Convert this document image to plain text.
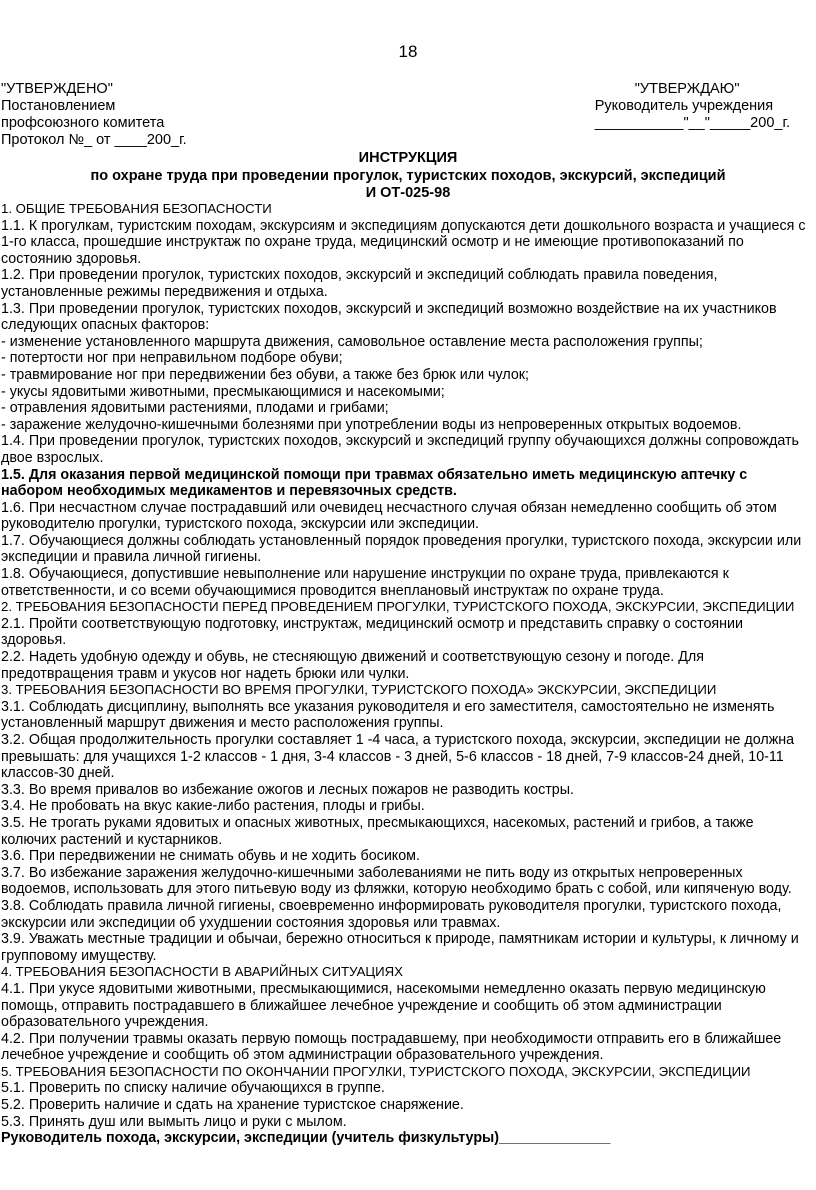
18
"УТВЕРЖДЕНО"
Постановлением
профсоюзного комитета
Протокол №_ от ____200_г.
"УТВЕРЖДАЮ"
Руководитель учреждения
___________"__"_____200_г.
ИНСТРУКЦИЯ
по охране труда при проведении прогулок, туристских походов, экскурсий, экспедиций
И ОТ-025-98

1. ОБЩИЕ ТРЕБОВАНИЯ БЕЗОПАСНОСТИ

1.1. К прогулкам, туристским походам, экскурсиям и экспедициям допускаются дети дошкольного возраста и учащиеся с 1-го класса, прошедшие инструктаж по охране труда, медицинский осмотр и не имеющие противопоказаний по состоянию здоровья.

1.2. При проведении прогулок, туристских походов, экскурсий и экспедиций соблюдать правила поведения, установленные режимы передвижения и отдыха.

1.3. При проведении прогулок, туристских походов, экскурсий и экспедиций возможно воздействие на их участников следующих опасных факторов:

- изменение установленного маршрута движения, самовольное оставление места расположения группы;

- потертости ног при неправильном подборе обуви;

- травмирование ног при передвижении без обуви, а также без брюк или чулок;

- укусы ядовитыми животными, пресмыкающимися и насекомыми;

- отравления ядовитыми растениями, плодами и грибами;

- заражение желудочно-кишечными болезнями при употреблении воды из непроверенных открытых водоемов.

1.4. При проведении прогулок, туристских походов, экскурсий и экспедиций группу обучающихся должны сопровождать двое взрослых.

1.5. Для оказания первой медицинской помощи при травмах обязательно иметь медицинскую аптечку с набором необходимых медикаментов и перевязочных средств.

1.6. При несчастном случае пострадавший или очевидец несчастного случая обязан немедленно сообщить об этом руководителю прогулки, туристского похода, экскурсии или экспедиции.

1.7. Обучающиеся должны соблюдать установленный порядок проведения прогулки, туристского похода, экскурсии или экспедиции и правила личной гигиены.

1.8. Обучающиеся, допустившие невыполнение или нарушение инструкции по охране труда, привлекаются к ответственности, и со всеми обучающимися проводится внеплановый инструктаж по охране труда.

2. ТРЕБОВАНИЯ БЕЗОПАСНОСТИ ПЕРЕД ПРОВЕДЕНИЕМ ПРОГУЛКИ, ТУРИСТСКОГО ПОХОДА, ЭКСКУРСИИ, ЭКСПЕДИЦИИ

2.1. Пройти соответствующую подготовку, инструктаж, медицинский осмотр и представить справку о состоянии здоровья.

2.2. Надеть удобную одежду и обувь, не стесняющую движений и соответствующую сезону и погоде. Для предотвращения травм и укусов ног надеть брюки или чулки.

3. ТРЕБОВАНИЯ БЕЗОПАСНОСТИ ВО ВРЕМЯ ПРОГУЛКИ, ТУРИСТСКОГО ПОХОДА» ЭКСКУРСИИ, ЭКСПЕДИЦИИ

3.1. Соблюдать дисциплину, выполнять все указания руководителя и его заместителя, самостоятельно не изменять установленный маршрут движения и место расположения группы.

3.2. Общая продолжительность прогулки составляет 1 -4 часа, а туристского похода, экскурсии, экспедиции не должна превышать: для учащихся 1-2 классов - 1 дня, 3-4 классов - 3 дней, 5-6 классов - 18 дней, 7-9 классов-24 дней, 10-11 классов-30 дней.

3.3. Во время привалов во избежание ожогов и лесных пожаров не разводить костры.

3.4. Не пробовать на вкус какие-либо растения, плоды и грибы.

3.5. Не трогать руками ядовитых и опасных животных, пресмыкающихся, насекомых, растений и грибов, а также колючих растений и кустарников.

3.6. При передвижении не снимать обувь и не ходить босиком.

3.7. Во избежание заражения желудочно-кишечными заболеваниями не пить воду из открытых непроверенных водоемов, использовать для этого питьевую воду из фляжки, которую необходимо брать с собой, или кипяченую воду.

3.8. Соблюдать правила личной гигиены, своевременно информировать руководителя прогулки, туристского похода, экскурсии или экспедиции об ухудшении состояния здоровья или травмах.

3.9. Уважать местные традиции и обычаи, бережно относиться к природе, памятникам истории и культуры, к личному и групповому имуществу.

4. ТРЕБОВАНИЯ БЕЗОПАСНОСТИ В АВАРИЙНЫХ СИТУАЦИЯХ

4.1. При укусе ядовитыми животными, пресмыкающимися, насекомыми немедленно оказать первую медицинскую помощь, отправить пострадавшего в ближайшее лечебное учреждение и сообщить об этом администрации образовательного учреждения.

4.2. При получении травмы оказать первую помощь пострадавшему, при необходимости отправить его в ближайшее лечебное учреждение и сообщить об этом администрации образовательного учреждения.

5. ТРЕБОВАНИЯ БЕЗОПАСНОСТИ ПО ОКОНЧАНИИ ПРОГУЛКИ, ТУРИСТСКОГО ПОХОДА, ЭКСКУРСИИ, ЭКСПЕДИЦИИ

5.1. Проверить по списку наличие обучающихся в группе.

5.2. Проверить наличие и сдать на хранение туристское снаряжение.

5.3. Принять душ или вымыть лицо и руки с мылом.

Руководитель похода, экскурсии, экспедиции (учитель физкультуры)______________
